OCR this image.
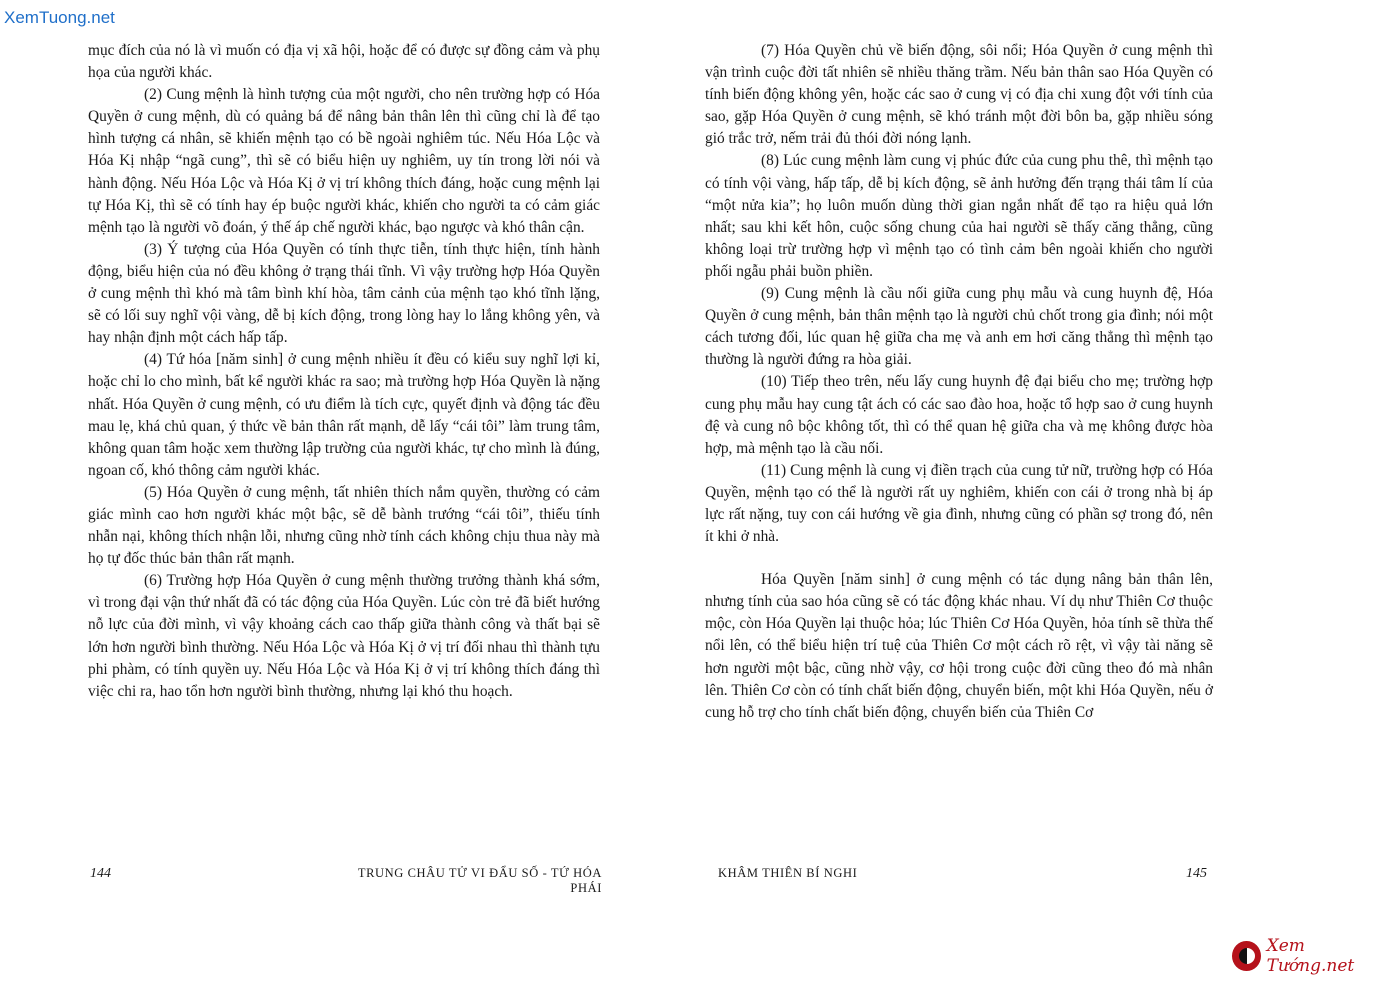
XemTuong.net

mục đích của nó là vì muốn có địa vị xã hội, hoặc để có được sự đồng cảm và phụ họa của người khác.

(2) Cung mệnh là hình tượng của một người, cho nên trường hợp có Hóa Quyền ở cung mệnh, dù có quảng bá để nâng bản thân lên thì cũng chỉ là để tạo hình tượng cá nhân, sẽ khiến mệnh tạo có bề ngoài nghiêm túc. Nếu Hóa Lộc và Hóa Kị nhập “ngã cung”, thì sẽ có biểu hiện uy nghiêm, uy tín trong lời nói và hành động. Nếu Hóa Lộc và Hóa Kị ở vị trí không thích đáng, hoặc cung mệnh lại tự Hóa Kị, thì sẽ có tính hay ép buộc người khác, khiến cho người ta có cảm giác mệnh tạo là người võ đoán, ý thế áp chế người khác, bạo ngược và khó thân cận.

(3) Ý tượng của Hóa Quyền có tính thực tiễn, tính thực hiện, tính hành động, biểu hiện của nó đều không ở trạng thái tĩnh. Vì vậy trường hợp Hóa Quyền ở cung mệnh thì khó mà tâm bình khí hòa, tâm cảnh của mệnh tạo khó tĩnh lặng, sẽ có lối suy nghĩ vội vàng, dễ bị kích động, trong lòng hay lo lắng không yên, và hay nhận định một cách hấp tấp.

(4) Tứ hóa [năm sinh] ở cung mệnh nhiều ít đều có kiểu suy nghĩ lợi kỉ, hoặc chỉ lo cho mình, bất kể người khác ra sao; mà trường hợp Hóa Quyền là nặng nhất. Hóa Quyền ở cung mệnh, có ưu điểm là tích cực, quyết định và động tác đều mau lẹ, khá chủ quan, ý thức về bản thân rất mạnh, dễ lấy “cái tôi” làm trung tâm, không quan tâm hoặc xem thường lập trường của người khác, tự cho mình là đúng, ngoan cố, khó thông cảm người khác.

(5) Hóa Quyền ở cung mệnh, tất nhiên thích nắm quyền, thường có cảm giác mình cao hơn người khác một bậc, sẽ dễ bành trướng “cái tôi”, thiếu tính nhẫn nại, không thích nhận lỗi, nhưng cũng nhờ tính cách không chịu thua này mà họ tự đốc thúc bản thân rất mạnh.

(6) Trường hợp Hóa Quyền ở cung mệnh thường trưởng thành khá sớm, vì trong đại vận thứ nhất đã có tác động của Hóa Quyền. Lúc còn trẻ đã biết hướng nỗ lực của đời mình, vì vậy khoảng cách cao thấp giữa thành công và thất bại sẽ lớn hơn người bình thường. Nếu Hóa Lộc và Hóa Kị ở vị trí đối nhau thì thành tựu phi phàm, có tính quyền uy. Nếu Hóa Lộc và Hóa Kị ở vị trí không thích đáng thì việc chi ra, hao tổn hơn người bình thường, nhưng lại khó thu hoạch.

(7) Hóa Quyền chủ về biến động, sôi nổi; Hóa Quyền ở cung mệnh thì vận trình cuộc đời tất nhiên sẽ nhiều thăng trầm. Nếu bản thân sao Hóa Quyền có tính biến động không yên, hoặc các sao ở cung vị có địa chi xung đột với tính của sao, gặp Hóa Quyền ở cung mệnh, sẽ khó tránh một đời bôn ba, gặp nhiều sóng gió trắc trở, nếm trải đủ thói đời nóng lạnh.

(8) Lúc cung mệnh làm cung vị phúc đức của cung phu thê, thì mệnh tạo có tính vội vàng, hấp tấp, dễ bị kích động, sẽ ảnh hưởng đến trạng thái tâm lí của “một nửa kia”; họ luôn muốn dùng thời gian ngắn nhất để tạo ra hiệu quả lớn nhất; sau khi kết hôn, cuộc sống chung của hai người sẽ thấy căng thẳng, cũng không loại trừ trường hợp vì mệnh tạo có tình cảm bên ngoài khiến cho người phối ngẫu phải buồn phiền.

(9) Cung mệnh là cầu nối giữa cung phụ mẫu và cung huynh đệ, Hóa Quyền ở cung mệnh, bản thân mệnh tạo là người chủ chốt trong gia đình; nói một cách tương đối, lúc quan hệ giữa cha mẹ và anh em hơi căng thẳng thì mệnh tạo thường là người đứng ra hòa giải.

(10) Tiếp theo trên, nếu lấy cung huynh đệ đại biểu cho mẹ; trường hợp cung phụ mẫu hay cung tật ách có các sao đào hoa, hoặc tổ hợp sao ở cung huynh đệ và cung nô bộc không tốt, thì có thể quan hệ giữa cha và mẹ không được hòa hợp, mà mệnh tạo là cầu nối.

(11) Cung mệnh là cung vị điền trạch của cung tử nữ, trường hợp có Hóa Quyền, mệnh tạo có thể là người rất uy nghiêm, khiến con cái ở trong nhà bị áp lực rất nặng, tuy con cái hướng về gia đình, nhưng cũng có phần sợ trong đó, nên ít khi ở nhà.

Hóa Quyền [năm sinh] ở cung mệnh có tác dụng nâng bản thân lên, nhưng tính của sao hóa cũng sẽ có tác động khác nhau. Ví dụ như Thiên Cơ thuộc mộc, còn Hóa Quyền lại thuộc hỏa; lúc Thiên Cơ Hóa Quyền, hỏa tính sẽ thừa thế nổi lên, có thể biểu hiện trí tuệ của Thiên Cơ một cách rõ rệt, vì vậy tài năng sẽ hơn người một bậc, cũng nhờ vậy, cơ hội trong cuộc đời cũng theo đó mà nhân lên. Thiên Cơ còn có tính chất biến động, chuyển biến, một khi Hóa Quyền, nếu ở cung hỗ trợ cho tính chất biến động, chuyển biến của Thiên Cơ

144	TRUNG CHÂU TỬ VI ĐẨU SỐ - TỨ HÓA PHÁI
KHÂM THIÊN BÍ NGHI	145
Xem Tướng.net
